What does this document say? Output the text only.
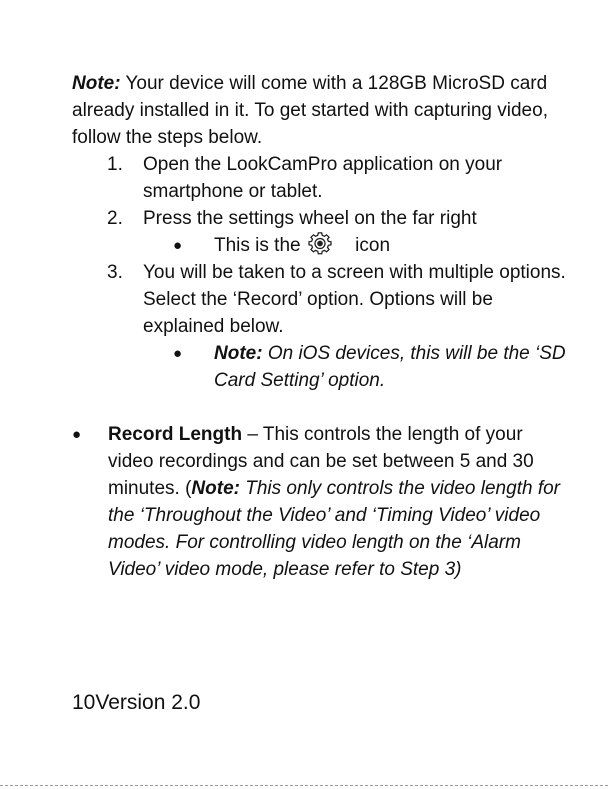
Note: Your device will come with a 128GB MicroSD card already installed in it. To get started with capturing video, follow the steps below.

1. Open the LookCamPro application on your smartphone or tablet.
2. Press the settings wheel on the far right
● This is the	icon
3. You will be taken to a screen with multiple options. Select the ‘Record’ option. Options will be explained below.
● Note: On iOS devices, this will be the ‘SD Card Setting’ option.
● Record Length – This controls the length of your video recordings and can be set between 5 and 30 minutes. (Note: This only controls the video length for the ‘Throughout the Video’ and ‘Timing Video’ video modes. For controlling video length on the ‘Alarm Video’ video mode, please refer to Step 3)
10Version 2.0
